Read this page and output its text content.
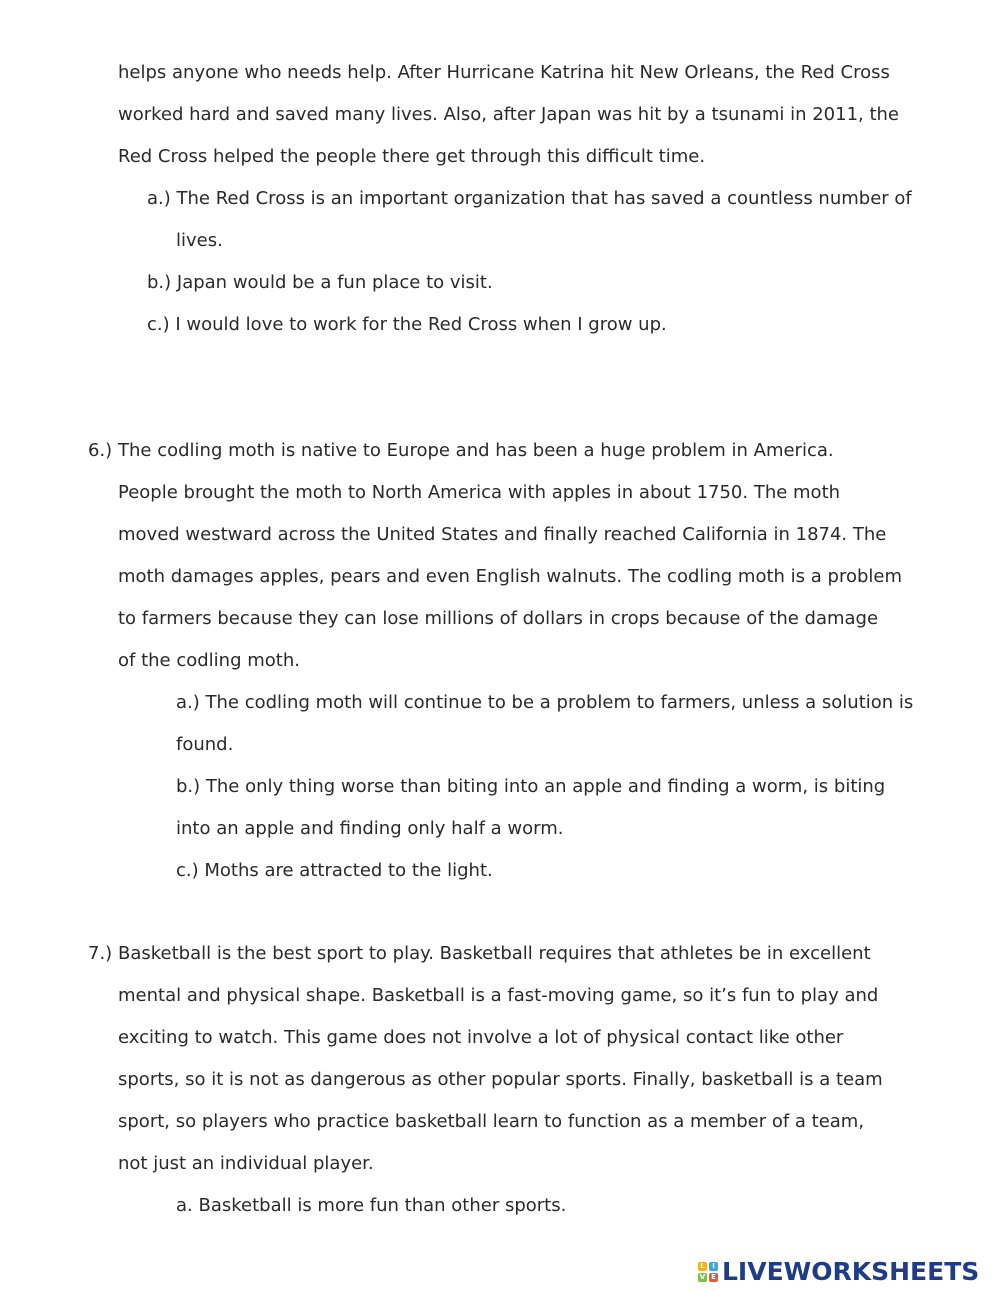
helps anyone who needs help. After Hurricane Katrina hit New Orleans, the Red Cross
worked hard and saved many lives. Also, after Japan was hit by a tsunami in 2011, the
Red Cross helped the people there get through this difficult time.
a.) The Red Cross is an important organization that has saved a countless number of
lives.
b.) Japan would be a fun place to visit.
c.) I would love to work for the Red Cross when I grow up.
6.) The codling moth is native to Europe and has been a huge problem in America.
People brought the moth to North America with apples in about 1750. The moth
moved westward across the United States and finally reached California in 1874. The
moth damages apples, pears and even English walnuts. The codling moth is a problem
to farmers because they can lose millions of dollars in crops because of the damage
of the codling moth.
a.) The codling moth will continue to be a problem to farmers, unless a solution is
found.
b.) The only thing worse than biting into an apple and finding a worm, is biting
into an apple and finding only half a worm.
c.) Moths are attracted to the light.
7.) Basketball is the best sport to play. Basketball requires that athletes be in excellent
mental and physical shape. Basketball is a fast-moving game, so it’s fun to play and
exciting to watch. This game does not involve a lot of physical contact like other
sports, so it is not as dangerous as other popular sports. Finally, basketball is a team
sport, so players who practice basketball learn to function as a member of a team,
not just an individual player.
a. Basketball is more fun than other sports.
L	I
V E LIVEWORKSHEETS
